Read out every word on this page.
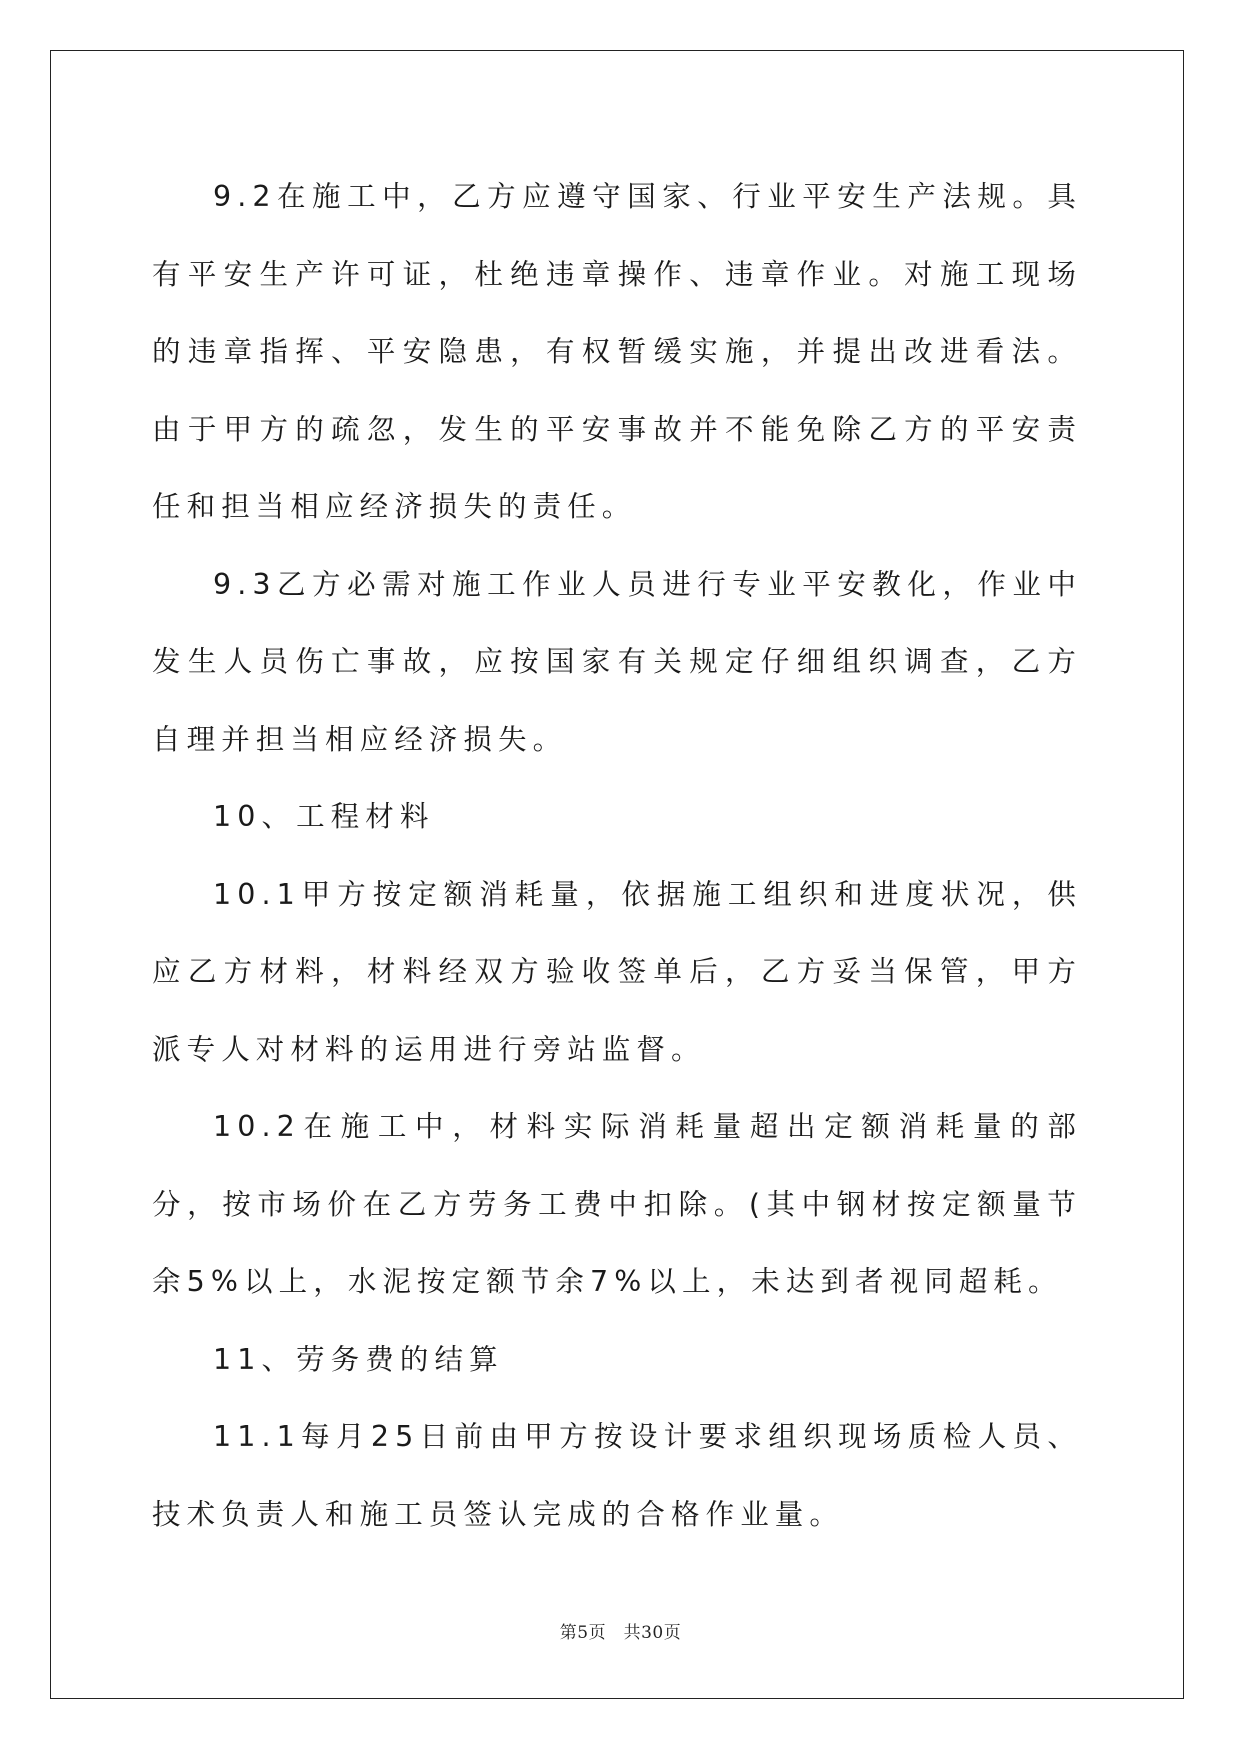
9.2在施工中，乙方应遵守国家、行业平安生产法规。具有平安生产许可证，杜绝违章操作、违章作业。对施工现场的违章指挥、平安隐患，有权暂缓实施，并提出改进看法。由于甲方的疏忽，发生的平安事故并不能免除乙方的平安责任和担当相应经济损失的责任。

9.3乙方必需对施工作业人员进行专业平安教化，作业中发生人员伤亡事故，应按国家有关规定仔细组织调查，乙方自理并担当相应经济损失。

10、工程材料

10.1甲方按定额消耗量，依据施工组织和进度状况，供应乙方材料，材料经双方验收签单后，乙方妥当保管，甲方派专人对材料的运用进行旁站监督。

10.2在施工中，材料实际消耗量超出定额消耗量的部分，按市场价在乙方劳务工费中扣除。(其中钢材按定额量节余5%以上，水泥按定额节余7%以上，未达到者视同超耗。

11、劳务费的结算

11.1每月25日前由甲方按设计要求组织现场质检人员、技术负责人和施工员签认完成的合格作业量。

第5页　共30页
